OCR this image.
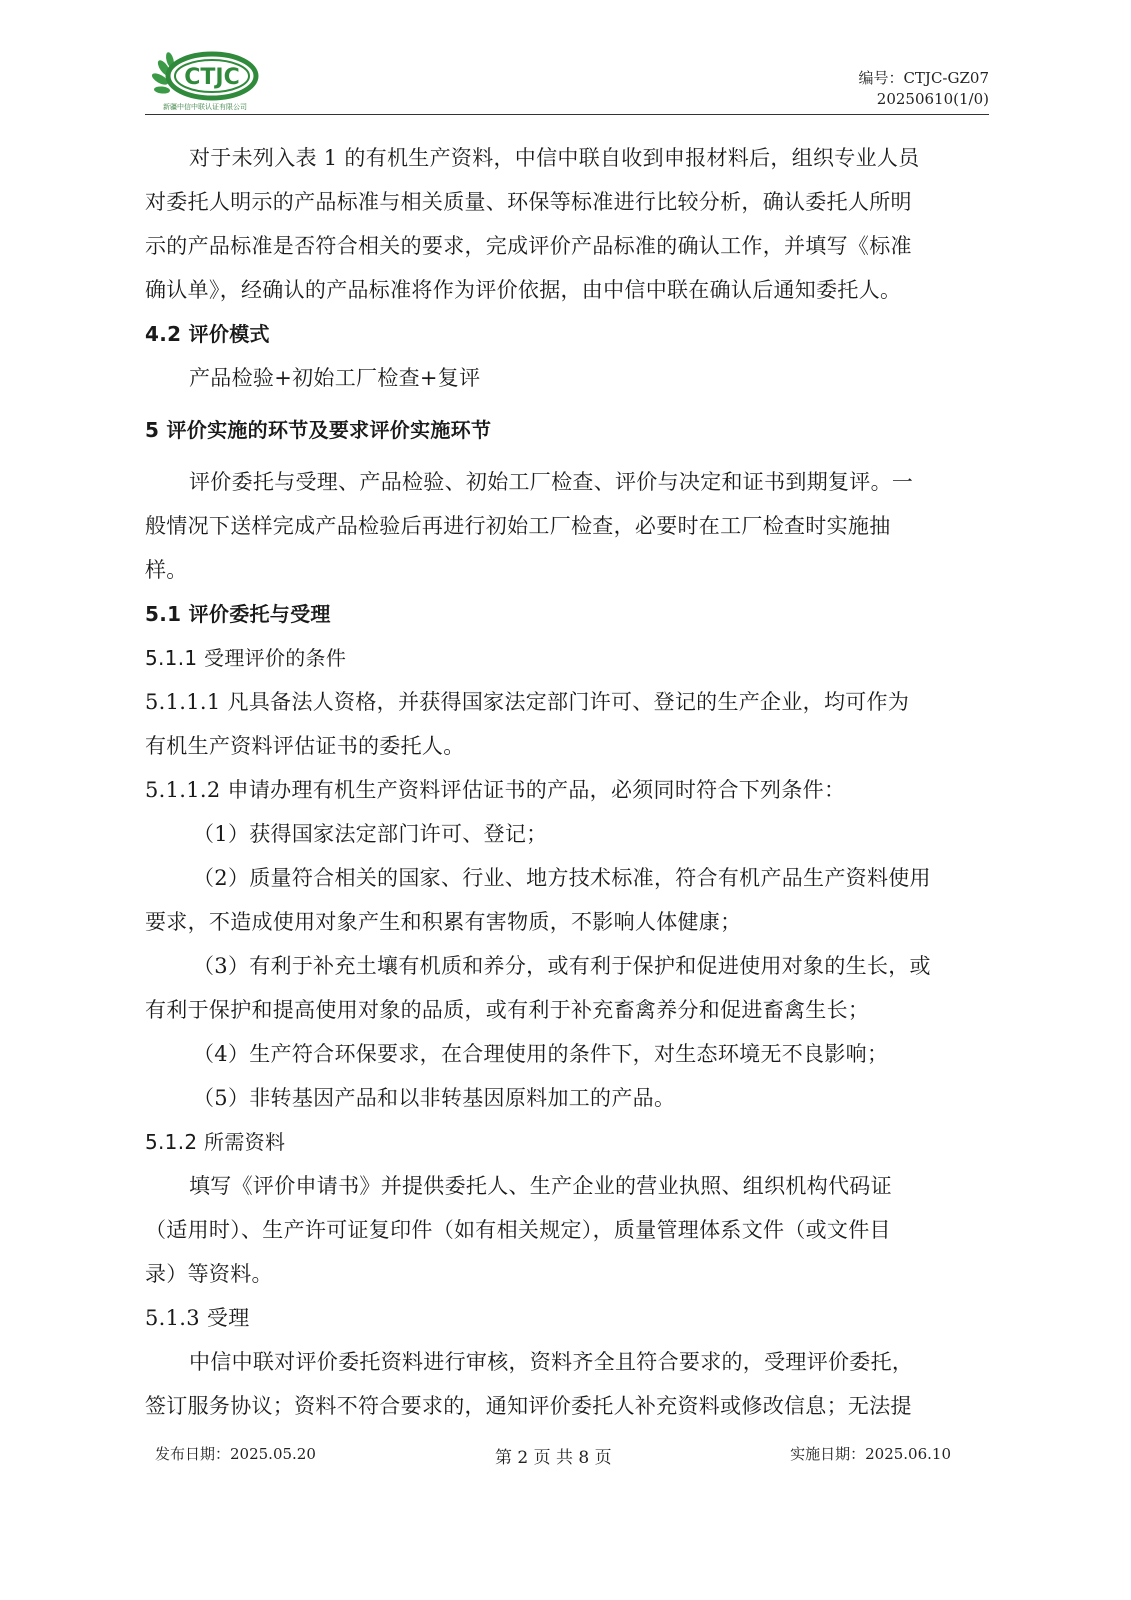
CTJC
新疆中信中联认证有限公司
编号：CTJC-GZ07
20250610(1/0)
对于未列入表 1 的有机生产资料，中信中联自收到申报材料后，组织专业人员
对委托人明示的产品标准与相关质量、环保等标准进行比较分析，确认委托人所明
示的产品标准是否符合相关的要求，完成评价产品标准的确认工作，并填写《标准
确认单》，经确认的产品标准将作为评价依据，由中信中联在确认后通知委托人。
4.2 评价模式
产品检验+初始工厂检查+复评
5 评价实施的环节及要求评价实施环节
评价委托与受理、产品检验、初始工厂检查、评价与决定和证书到期复评。一
般情况下送样完成产品检验后再进行初始工厂检查，必要时在工厂检查时实施抽
样。
5.1 评价委托与受理
5.1.1 受理评价的条件
5.1.1.1 凡具备法人资格，并获得国家法定部门许可、登记的生产企业，均可作为
有机生产资料评估证书的委托人。
5.1.1.2 申请办理有机生产资料评估证书的产品，必须同时符合下列条件：
（1）获得国家法定部门许可、登记；
（2）质量符合相关的国家、行业、地方技术标准，符合有机产品生产资料使用
要求，不造成使用对象产生和积累有害物质，不影响人体健康；
（3）有利于补充土壤有机质和养分，或有利于保护和促进使用对象的生长，或
有利于保护和提高使用对象的品质，或有利于补充畜禽养分和促进畜禽生长；
（4）生产符合环保要求，在合理使用的条件下，对生态环境无不良影响；
（5）非转基因产品和以非转基因原料加工的产品。
5.1.2 所需资料
填写《评价申请书》并提供委托人、生产企业的营业执照、组织机构代码证
（适用时）、生产许可证复印件（如有相关规定），质量管理体系文件（或文件目
录）等资料。
5.1.3 受理
中信中联对评价委托资料进行审核，资料齐全且符合要求的，受理评价委托，
签订服务协议；资料不符合要求的，通知评价委托人补充资料或修改信息；无法提
发布日期：2025.05.20	第 2 页 共 8 页	实施日期：2025.06.10
